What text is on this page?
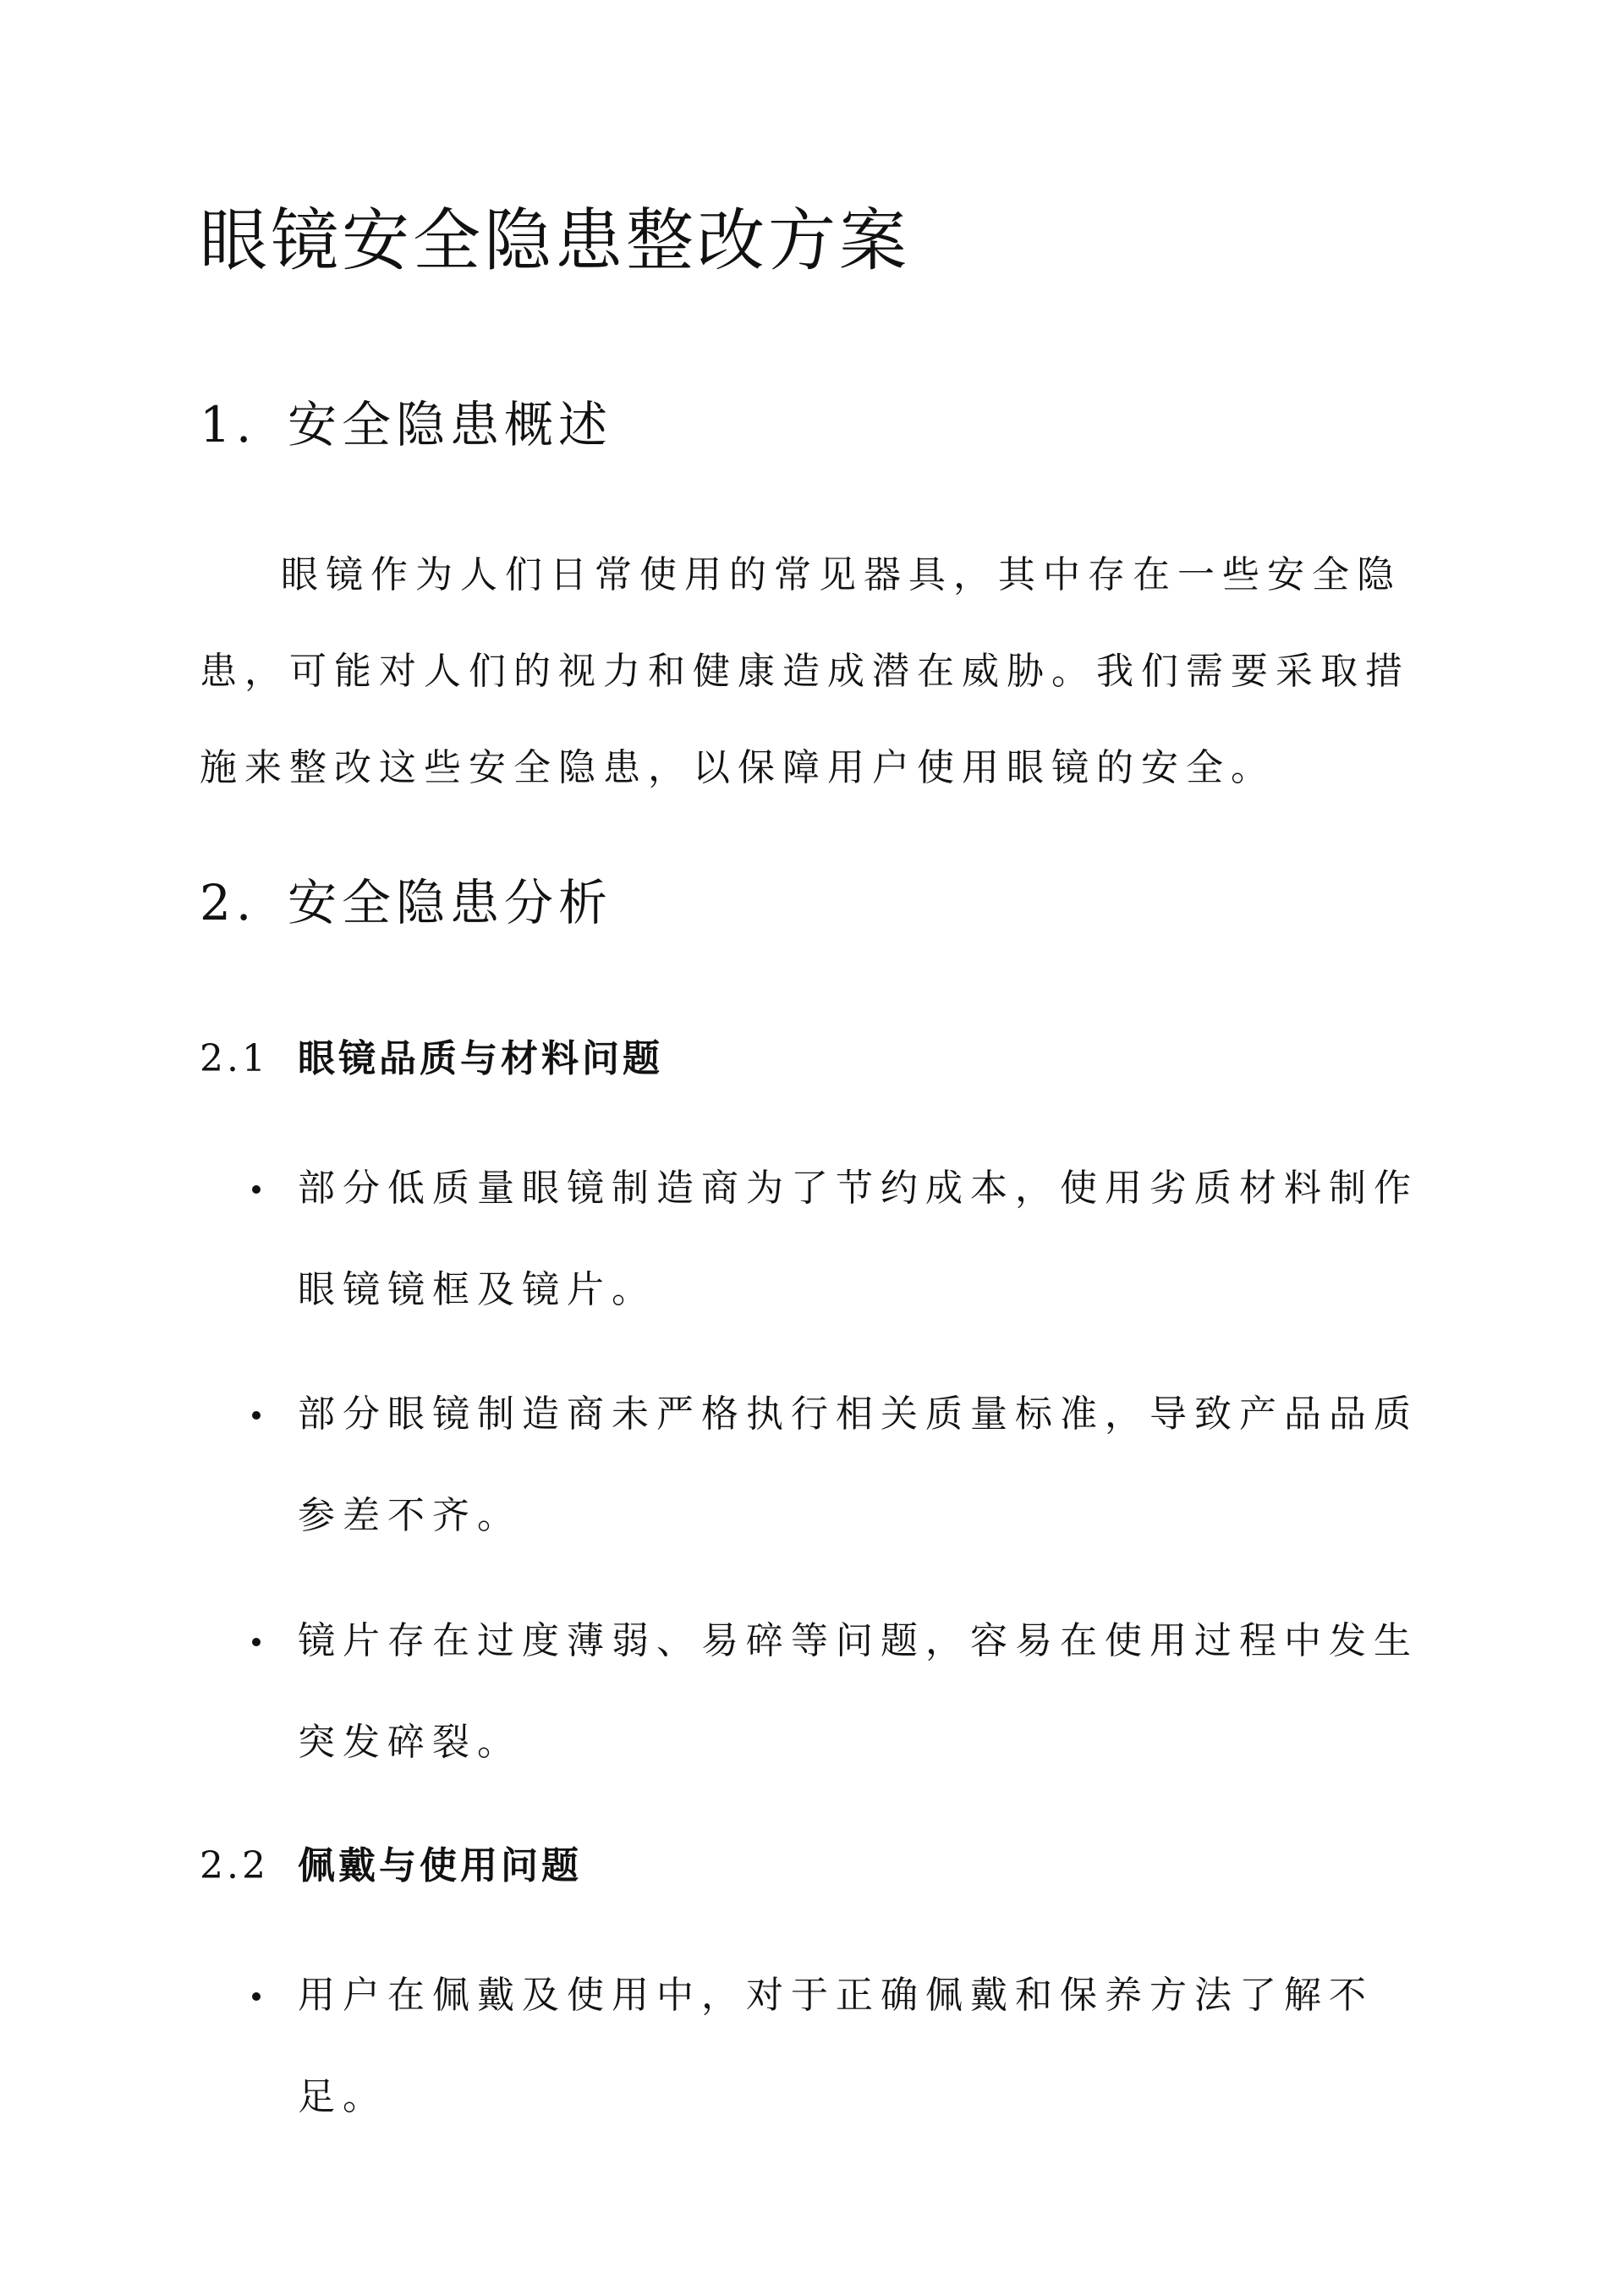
眼镜安全隐患整改方案
1. 安全隐患概述

眼镜作为人们日常使用的常见器具，其中存在一些安全隐患，可能对人们的视力和健康造成潜在威胁。我们需要采取措施来整改这些安全隐患，以保障用户使用眼镜的安全。

2. 安全隐患分析
2.1 眼镜品质与材料问题
部分低质量眼镜制造商为了节约成本，使用劣质材料制作眼镜镜框及镜片。
部分眼镜制造商未严格执行相关质量标准，导致产品品质参差不齐。
镜片存在过度薄弱、易碎等问题，容易在使用过程中发生突发碎裂。
2.2 佩戴与使用问题
用户在佩戴及使用中，对于正确佩戴和保养方法了解不足。
